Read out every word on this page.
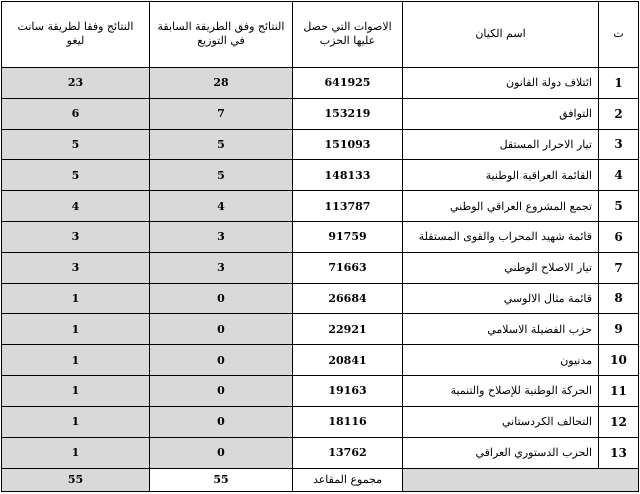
ت	اسم الكيان	الاصوات التي حصل عليها الحزب	النتائج وفق الطريقة السابقة في التوزيع	النتائج وفقا لطريقة سانت ليغو
1	ائتلاف دولة القانون	641925	28	23
2	التوافق	153219	7	6
3	تيار الاحرار المستقل	151093	5	5
4	القائمة العراقية الوطنية	148133	5	5
5	تجمع المشروع العراقي الوطني	113787	4	4
6	قائمة شهيد المحراب والقوى المستقلة	91759	3	3
7	تيار الاصلاح الوطني	71663	3	3
8	قائمة مثال الالوسي	26684	0	1
9	حزب الفضيلة الاسلامي	22921	0	1
10	مدنيون	20841	0	1
11	الحركة الوطنية للإصلاح والتنمية	19163	0	1
12	التحالف الكردستاني	18116	0	1
13	الحزب الدستوري العراقي	13762	0	1
		مجموع المقاعد	55	55
